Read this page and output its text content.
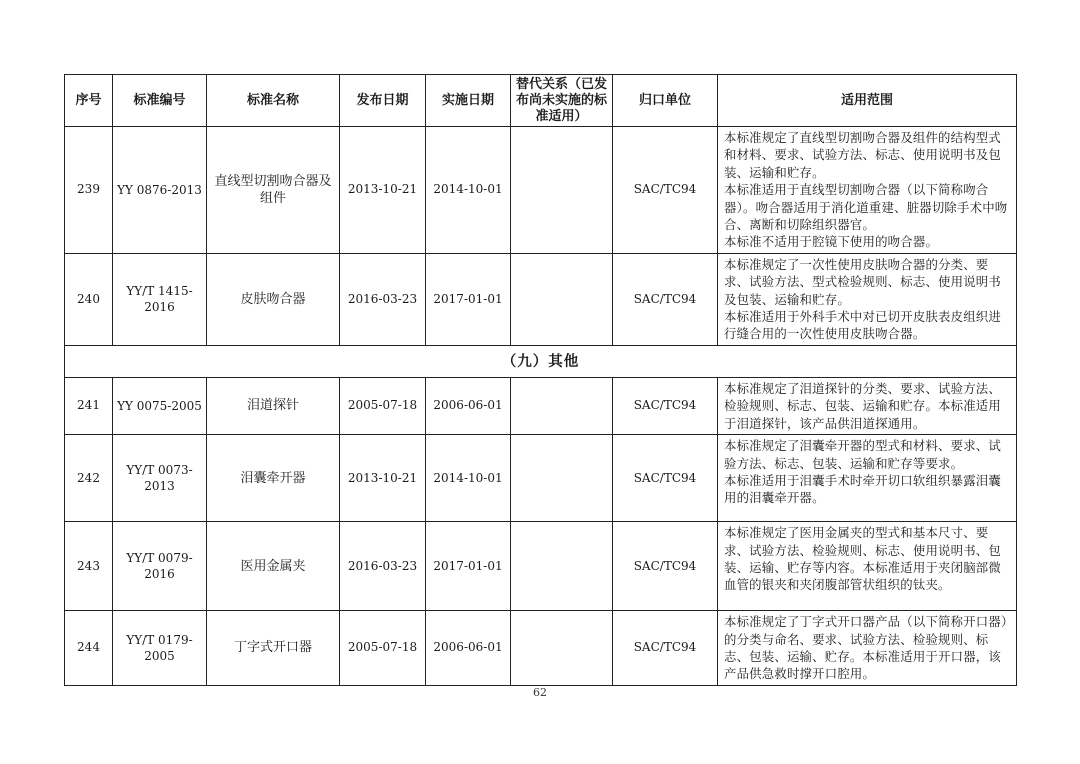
序号	标准编号	标准名称	发布日期	实施日期	替代关系（已发布尚未实施的标准适用）	归口单位	适用范围
239	YY 0876-2013	直线型切割吻合器及组件	2013-10-21	2014-10-01		SAC/TC94	本标准规定了直线型切割吻合器及组件的结构型式和材料、要求、试验方法、标志、使用说明书及包装、运输和贮存。
本标准适用于直线型切割吻合器（以下简称吻合器）。吻合器适用于消化道重建、脏器切除手术中吻合、离断和切除组织器官。
本标准不适用于腔镜下使用的吻合器。
240	YY/T 1415-2016	皮肤吻合器	2016-03-23	2017-01-01		SAC/TC94	本标准规定了一次性使用皮肤吻合器的分类、要求、试验方法、型式检验规则、标志、使用说明书及包装、运输和贮存。
本标准适用于外科手术中对已切开皮肤表皮组织进行缝合用的一次性使用皮肤吻合器。
（九）其他							
241	YY 0075-2005	泪道探针	2005-07-18	2006-06-01		SAC/TC94	本标准规定了泪道探针的分类、要求、试验方法、检验规则、标志、包装、运输和贮存。本标准适用于泪道探针，该产品供泪道探通用。
242	YY/T 0073-2013	泪囊牵开器	2013-10-21	2014-10-01		SAC/TC94	本标准规定了泪囊牵开器的型式和材料、要求、试验方法、标志、包装、运输和贮存等要求。
本标准适用于泪囊手术时牵开切口软组织暴露泪囊用的泪囊牵开器。
243	YY/T 0079-2016	医用金属夹	2016-03-23	2017-01-01		SAC/TC94	本标准规定了医用金属夹的型式和基本尺寸、要求、试验方法、检验规则、标志、使用说明书、包装、运输、贮存等内容。本标准适用于夹闭脑部微血管的银夹和夹闭腹部管状组织的钛夹。
244	YY/T 0179-2005	丁字式开口器	2005-07-18	2006-06-01		SAC/TC94	本标准规定了丁字式开口器产品（以下简称开口器）的分类与命名、要求、试验方法、检验规则、标志、包装、运输、贮存。本标准适用于开口器，该产品供急救时撑开口腔用。
62
